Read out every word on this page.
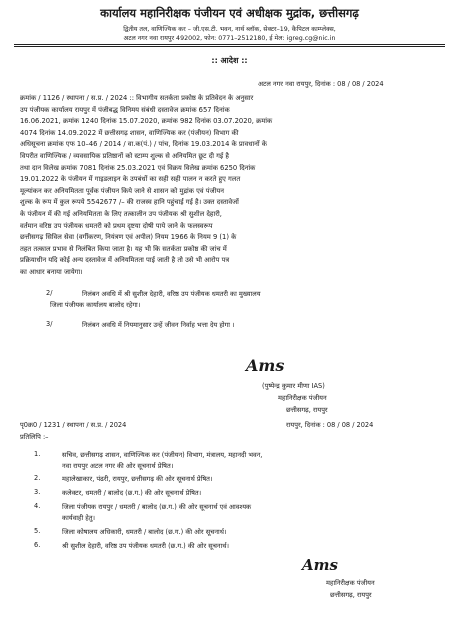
कार्यालय महानिरीक्षक पंजीयन एवं अधीक्षक मुद्रांक, छत्तीसगढ़
द्वितीय तल, वाणिज्यिक कर – जी.एस.टी. भवन, नार्थ ब्लॉक, सेक्टर–19, कैपिटल काम्प्लेक्स,
अटल नगर नवा रायपुर 492002, फोन: 0771–2512180, ई मेल: igreg.cg@nic.in
:: आदेश ::
अटल नगर नवा रायपुर, दिनांक : 08 / 08 / 2024
क्रमांक / 1126 / स्थापना / स.प्र. / 2024 :: विभागीय सतर्कता प्रकोष्ठ के प्रतिवेदन के अनुसार
उप पंजीयक कार्यालय रायपुर में पंजीबद्ध विनिमय संबंधी दस्तावेज क्रमांक 657 दिनांक
16.06.2021, क्रमांक 1240 दिनांक 15.07.2020, क्रमांक 982 दिनांक 03.07.2020, क्रमांक
4074 दिनांक 14.09.2022 में छत्तीसगढ़ शासन, वाणिज्यिक कर (पंजीयन) विभाग की
अधिसूचना क्रमांक एफ 10–46 / 2014 / वा.क(पं.) / पांच, दिनांक 19.03.2014 के प्रावधानों के
विपरीत वाणिज्यिक / व्यवसायिक प्रतिष्ठानों को स्टाम्प शुल्क से अनियमित छूट दी गई है
तथा दान विलेख क्रमांक 7081 दिनांक 25.03.2021 एवं विक्रय विलेख क्रमांक 6250 दिनांक
19.01.2022 के पंजीयन में गाइडलाइन के उपबंधों का सही सही पालन न करते हुए गलत
मूल्यांकन कर अनियमितता पूर्वक पंजीयन किये जाने से शासन को मुद्रांक एवं पंजीयन
शुल्क के रूप में कुल रूपये 5542677 /– की राजस्व हानि पहुंचाई गई है। उक्त दस्तावेजों
के पंजीयन में की गई अनियमितता के लिए तत्कालीन उप पंजीयक श्री सुशील देहारी,
वर्तमान वरिष्ठ उप पंजीयक धमतरी को प्रथम दृष्टया दोषी पाये जाने के फलस्वरूप
छत्तीसगढ़ सिविल सेवा (वर्गीकरण, नियंत्रण एवं अपील) नियम 1966 के नियम 9 (1) के
तहत तत्काल प्रभाव से निलंबित किया जाता है। यह भी कि सतर्कता प्रकोष्ठ की जांच में
प्रक्रियाधीन यदि कोई अन्य दस्तावेज में अनियमितता पाई जाती है तो उसे भी आरोप पत्र
का आधार बनाया जायेगा।
2/	निलंबन अवधि में श्री सुशील देहारी, वरिष्ठ उप पंजीयक धमतरी का मुख्यालय
जिला पंजीयक कार्यालय बालोद रहेगा।
3/	निलंबन अवधि में नियमानुसार उन्हें जीवन निर्वाह भत्ता देय होगा ।
Ams
(पुष्पेन्द्र कुमार मीणा IAS)
महानिरीक्षक पंजीयन
छत्तीसगढ़, रायपुर
पृ0क्र0 / 1231 / स्थापना / स.प्र. / 2024	रायपुर, दिनांक : 08 / 08 / 2024
प्रतिलिपि :–
1.	सचिव, छत्तीसगढ़ शासन, वाणिज्यिक कर (पंजीयन) विभाग, मंत्रालय, महानदी भवन,
नवा रायपुर अटल नगर की ओर सूचनार्थ प्रेषित।
2.	महालेखाकार, पंढरी, रायपुर, छत्तीसगढ़ की ओर सूचनार्थ प्रेषित।
3.	कलेक्टर, धमतरी / बालोद (छ.ग.) की ओर सूचनार्थ प्रेषित।
4.	जिला पंजीयक रायपुर / धमतरी / बालोद (छ.ग.) की ओर सूचनार्थ एवं आवश्यक
कार्यवाही हेतु।
5.	जिला कोषालय अधिकारी, धमतरी / बालोद (छ.ग.) की ओर सूचनार्थ।
6.	श्री सुशील देहारी, वरिष्ठ उप पंजीयक धमतरी (छ.ग.) की ओर सूचनार्थ।
Ams
महानिरीक्षक पंजीयन
छत्तीसगढ़, रायपुर
